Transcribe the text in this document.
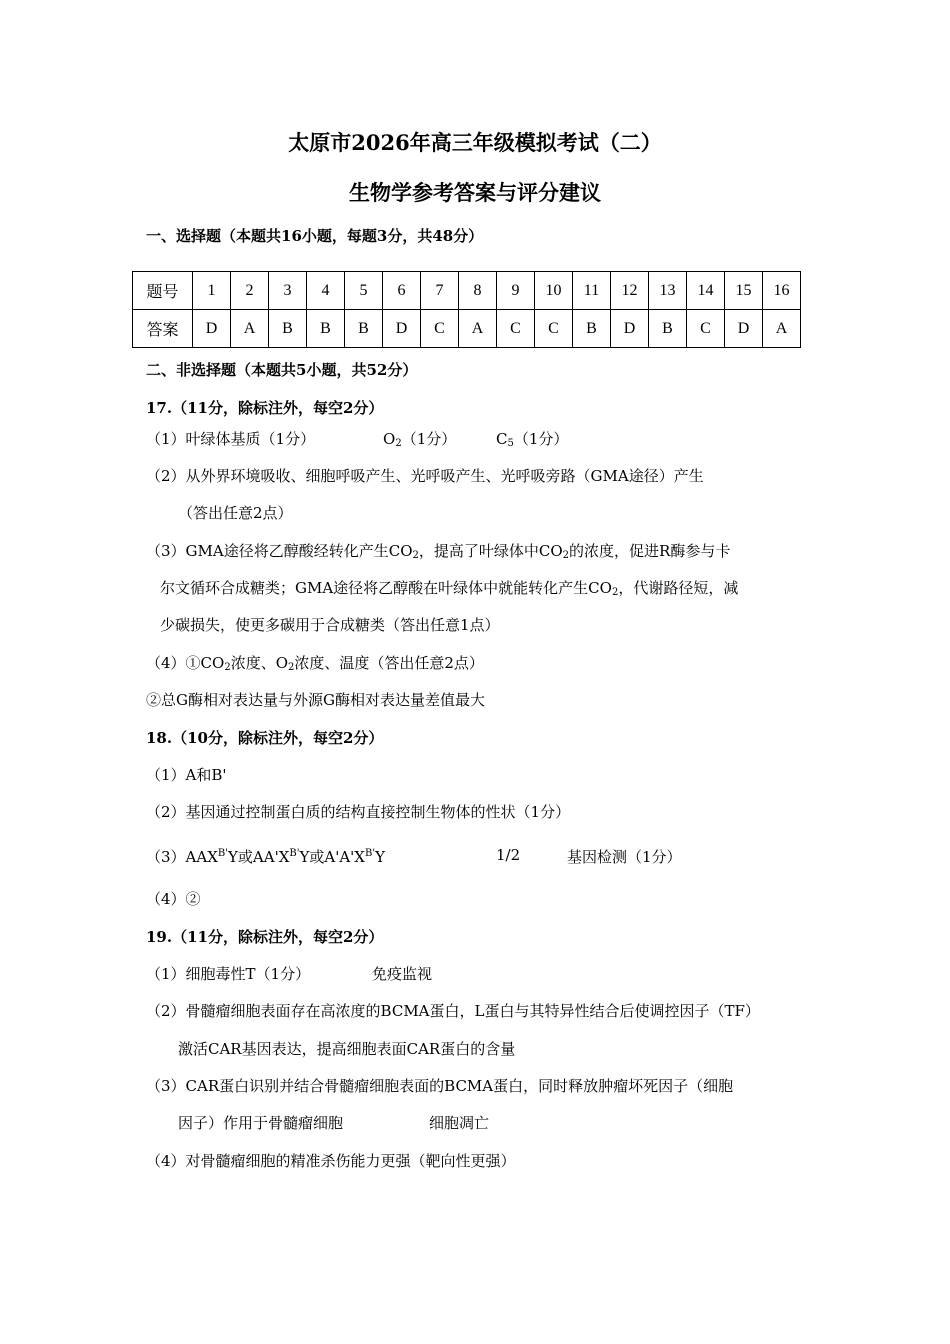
太原市2026年高三年级模拟考试（二）
生物学参考答案与评分建议
一、选择题（本题共16小题，每题3分，共48分）
题号	1	2	3	4	5	6	7	8	9	10	11	12	13	14	15	16
答案	D	A	B	B	B	D	C	A	C	C	B	D	B	C	D	A
二、非选择题（本题共5小题，共52分）
17.（11分，除标注外，每空2分）
（1）叶绿体基质（1分）	$O_2(1$分）	$C_5(1$分）
（2）从外界环境吸收、细胞呼吸产生、光呼吸产生、光呼吸旁路（GMA途径）产生
（答出任意2点）
（3）GMA途径将乙醇酸经转化产生$CO_2$，提高了叶绿体中$CO_2$的浓度，促进R酶参与卡
尔文循环合成糖类；GMA途径将乙醇酸在叶绿体中就能转化产生$CO_2$，代谢路径短，减
少碳损失，使更多碳用于合成糖类（答出任意1点）
$(4)①CO_2$浓度、$O_2$浓度、温度（答出任意2点）
②总G酶相对表达量与外源G酶相对表达量差值最大
18.（10分，除标注外，每空2分）
（1）A和B'
（2）基因通过控制蛋白质的结构直接控制生物体的性状（1分）
$(3)AAX^{B'}Y$或$AA'X^{B'}Y$或$A'A'X^{B'}Y$	1/2	基因检测（1分）
（4）②
19.（11分，除标注外，每空2分）
（1）细胞毒性T（1分）	免疫监视
（2）骨髓瘤细胞表面存在高浓度的BCMA蛋白，L蛋白与其特异性结合后使调控因子（TF）
激活CAR基因表达，提高细胞表面CAR蛋白的含量
（3）CAR蛋白识别并结合骨髓瘤细胞表面的BCMA蛋白，同时释放肿瘤坏死因子（细胞
因子）作用于骨髓瘤细胞	细胞凋亡
（4）对骨髓瘤细胞的精准杀伤能力更强（靶向性更强）
